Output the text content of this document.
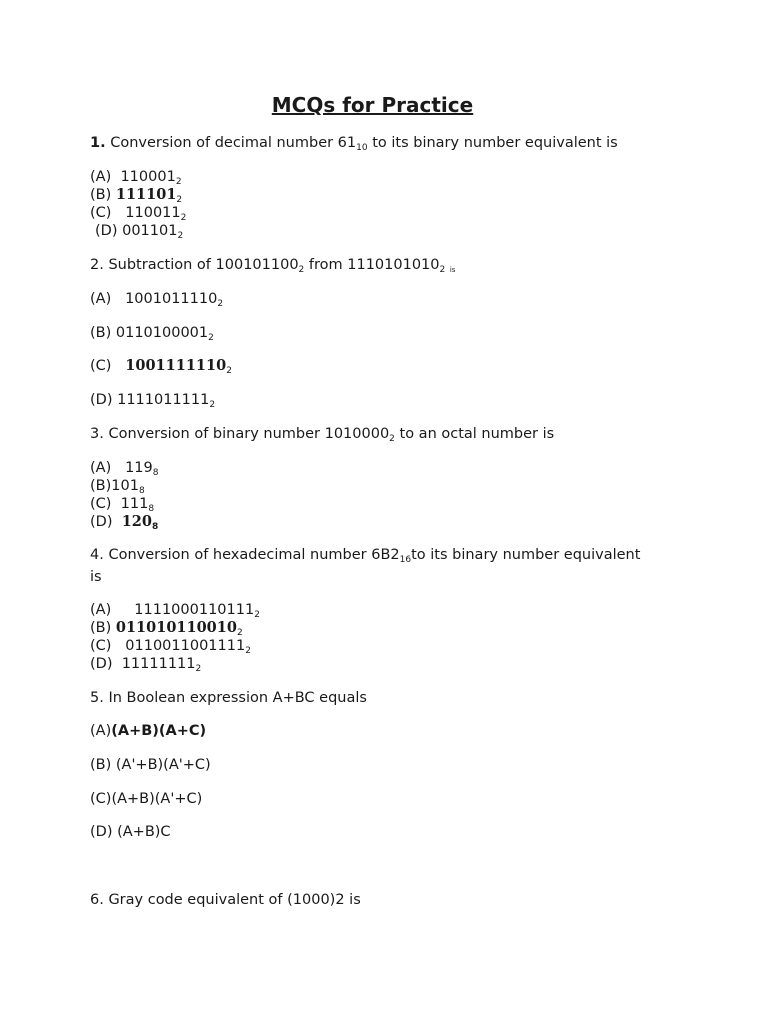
MCQs for Practice
1. Conversion of decimal number $61_{10}$ to its binary number equivalent is
(A)  $110001_2$
(B) $111101_2$
(C)   $110011_2$
(D) $001101_2$
2. Subtraction of $100101100_2$ from $1110101010_2$ $_{is}$
(A)   $1001011110_2$
(B) $0110100001_2$
(C)   $1001111110_2$
(D) $1111011111_2$
3. Conversion of binary number $1010000_2$ to an octal number is
(A)   $119_8$
$(B)101_8$
(C)  $111_8$
(D)  $120_8$
4. Conversion of hexadecimal number $6B2_{16}to$ its binary number equivalent
is
(A)     $1111000110111_2$
(B) $011010110010_2$
(C)   $0110011001111_2$
(D)  $11111111_2$
5. In Boolean expression A+BC equals
(A)(A+B)(A+C)
(B) (A'+B)(A'+C)
(C)(A+B)(A'+C)
(D) (A+B)C
6. Gray code equivalent of (1000)2 is
